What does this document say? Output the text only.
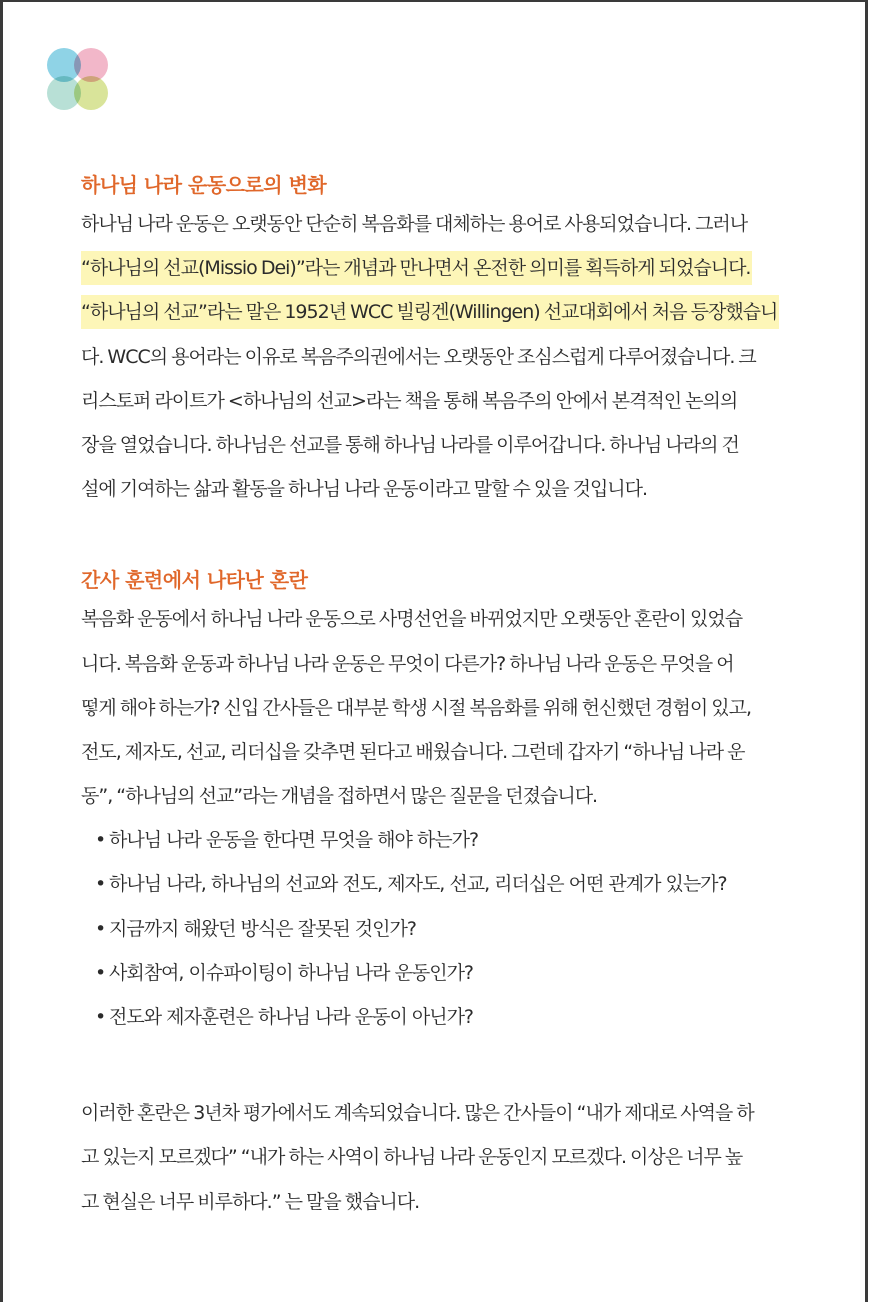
하나님 나라 운동으로의 변화
하나님 나라 운동은 오랫동안 단순히 복음화를 대체하는 용어로 사용되었습니다. 그러나
“하나님의 선교(Missio Dei)”라는 개념과 만나면서 온전한 의미를 획득하게 되었습니다.
“하나님의 선교”라는 말은 1952년 WCC 빌링겐(Willingen) 선교대회에서 처음 등장했습니
다. WCC의 용어라는 이유로 복음주의권에서는 오랫동안 조심스럽게 다루어졌습니다. 크
리스토퍼 라이트가 <하나님의 선교>라는 책을 통해 복음주의 안에서 본격적인 논의의
장을 열었습니다. 하나님은 선교를 통해 하나님 나라를 이루어갑니다. 하나님 나라의 건
설에 기여하는 삶과 활동을 하나님 나라 운동이라고 말할 수 있을 것입니다.
간사 훈련에서 나타난 혼란
복음화 운동에서 하나님 나라 운동으로 사명선언을 바뀌었지만 오랫동안 혼란이 있었습
니다. 복음화 운동과 하나님 나라 운동은 무엇이 다른가? 하나님 나라 운동은 무엇을 어
떻게 해야 하는가? 신입 간사들은 대부분 학생 시절 복음화를 위해 헌신했던 경험이 있고,
전도, 제자도, 선교, 리더십을 갖추면 된다고 배웠습니다. 그런데 갑자기 “하나님 나라 운
동”, “하나님의 선교”라는 개념을 접하면서 많은 질문을 던졌습니다.
• 하나님 나라 운동을 한다면 무엇을 해야 하는가?
• 하나님 나라, 하나님의 선교와 전도, 제자도, 선교, 리더십은 어떤 관계가 있는가?
• 지금까지 해왔던 방식은 잘못된 것인가?
• 사회참여, 이슈파이팅이 하나님 나라 운동인가?
• 전도와 제자훈련은 하나님 나라 운동이 아닌가?
이러한 혼란은 3년차 평가에서도 계속되었습니다. 많은 간사들이 “내가 제대로 사역을 하
고 있는지 모르겠다” “내가 하는 사역이 하나님 나라 운동인지 모르겠다. 이상은 너무 높
고 현실은 너무 비루하다.” 는 말을 했습니다.
